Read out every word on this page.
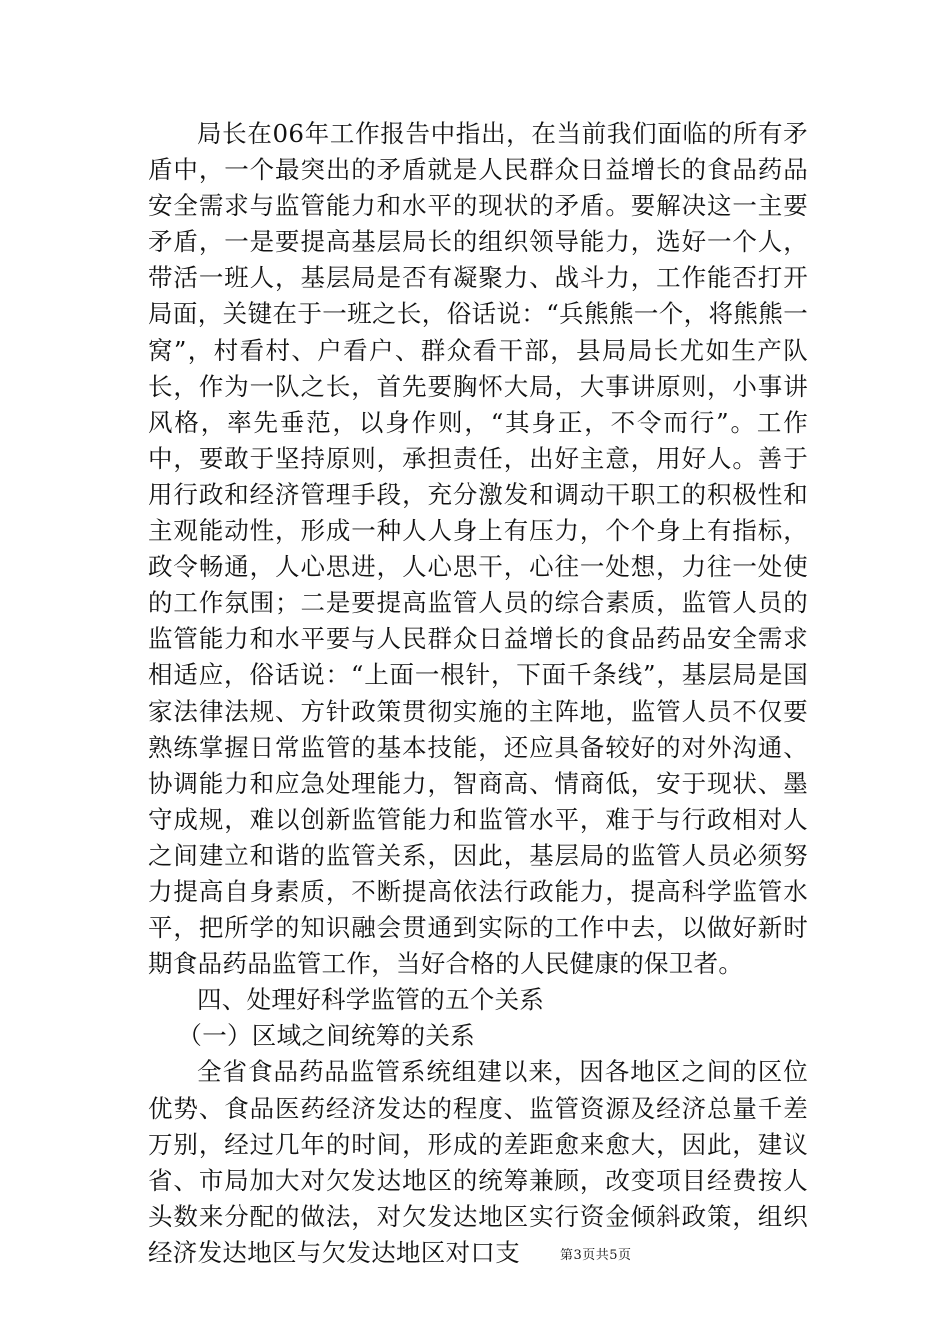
局长在06年工作报告中指出，在当前我们面临的所有矛盾中，一个最突出的矛盾就是人民群众日益增长的食品药品安全需求与监管能力和水平的现状的矛盾。要解决这一主要矛盾，一是要提高基层局长的组织领导能力，选好一个人，带活一班人，基层局是否有凝聚力、战斗力，工作能否打开局面，关键在于一班之长，俗话说：“兵熊熊一个，将熊熊一窝”，村看村、户看户、群众看干部，县局局长尤如生产队长，作为一队之长，首先要胸怀大局，大事讲原则，小事讲风格，率先垂范，以身作则，“其身正，不令而行”。工作中，要敢于坚持原则，承担责任，出好主意，用好人。善于用行政和经济管理手段，充分激发和调动干职工的积极性和主观能动性，形成一种人人身上有压力，个个身上有指标，政令畅通，人心思进，人心思干，心往一处想，力往一处使的工作氛围；二是要提高监管人员的综合素质，监管人员的监管能力和水平要与人民群众日益增长的食品药品安全需求相适应，俗话说：“上面一根针，下面千条线”，基层局是国家法律法规、方针政策贯彻实施的主阵地，监管人员不仅要熟练掌握日常监管的基本技能，还应具备较好的对外沟通、协调能力和应急处理能力，智商高、情商低，安于现状、墨守成规，难以创新监管能力和监管水平，难于与行政相对人之间建立和谐的监管关系，因此，基层局的监管人员必须努力提高自身素质，不断提高依法行政能力，提高科学监管水平，把所学的知识融会贯通到实际的工作中去，以做好新时期食品药品监管工作，当好合格的人民健康的保卫者。

四、处理好科学监管的五个关系

（一）区域之间统筹的关系

全省食品药品监管系统组建以来，因各地区之间的区位优势、食品医药经济发达的程度、监管资源及经济总量千差万别，经过几年的时间，形成的差距愈来愈大，因此，建议省、市局加大对欠发达地区的统筹兼顾，改变项目经费按人头数来分配的做法，对欠发达地区实行资金倾斜政策，组织经济发达地区与欠发达地区对口支	第3页共5页
